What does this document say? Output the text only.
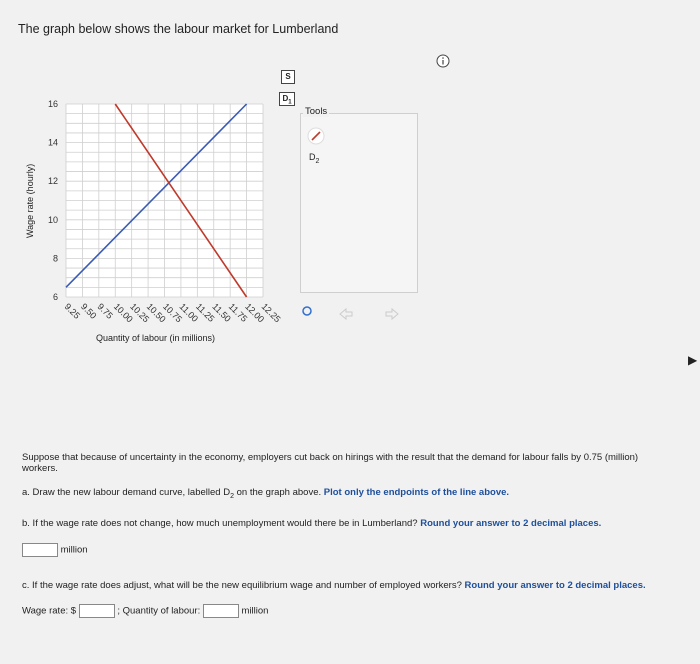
The graph below shows the labour market for Lumberland
16
14
12
10
8
6
9.25
9.50
9.75
10.00
10.25
10.50
10.75
11.00
11.25
11.50
11.75
12.00
12.25
Wage rate (hourly)
Quantity of labour (in millions)
S
$D_1$
Tools
$D_2$
Suppose that because of uncertainty in the economy, employers cut back on hirings with the result that the demand for labour falls by 0.75 (million) workers.
a. Draw the new labour demand curve, labelled $D_2$ on the graph above. Plot only the endpoints of the line above.
b. If the wage rate does not change, how much unemployment would there be in Lumberland? Round your answer to 2 decimal places.
million
c. If the wage rate does adjust, what will be the new equilibrium wage and number of employed workers? Round your answer to 2 decimal places.
Wage rate: $	; Quantity of labour:	million
▶
